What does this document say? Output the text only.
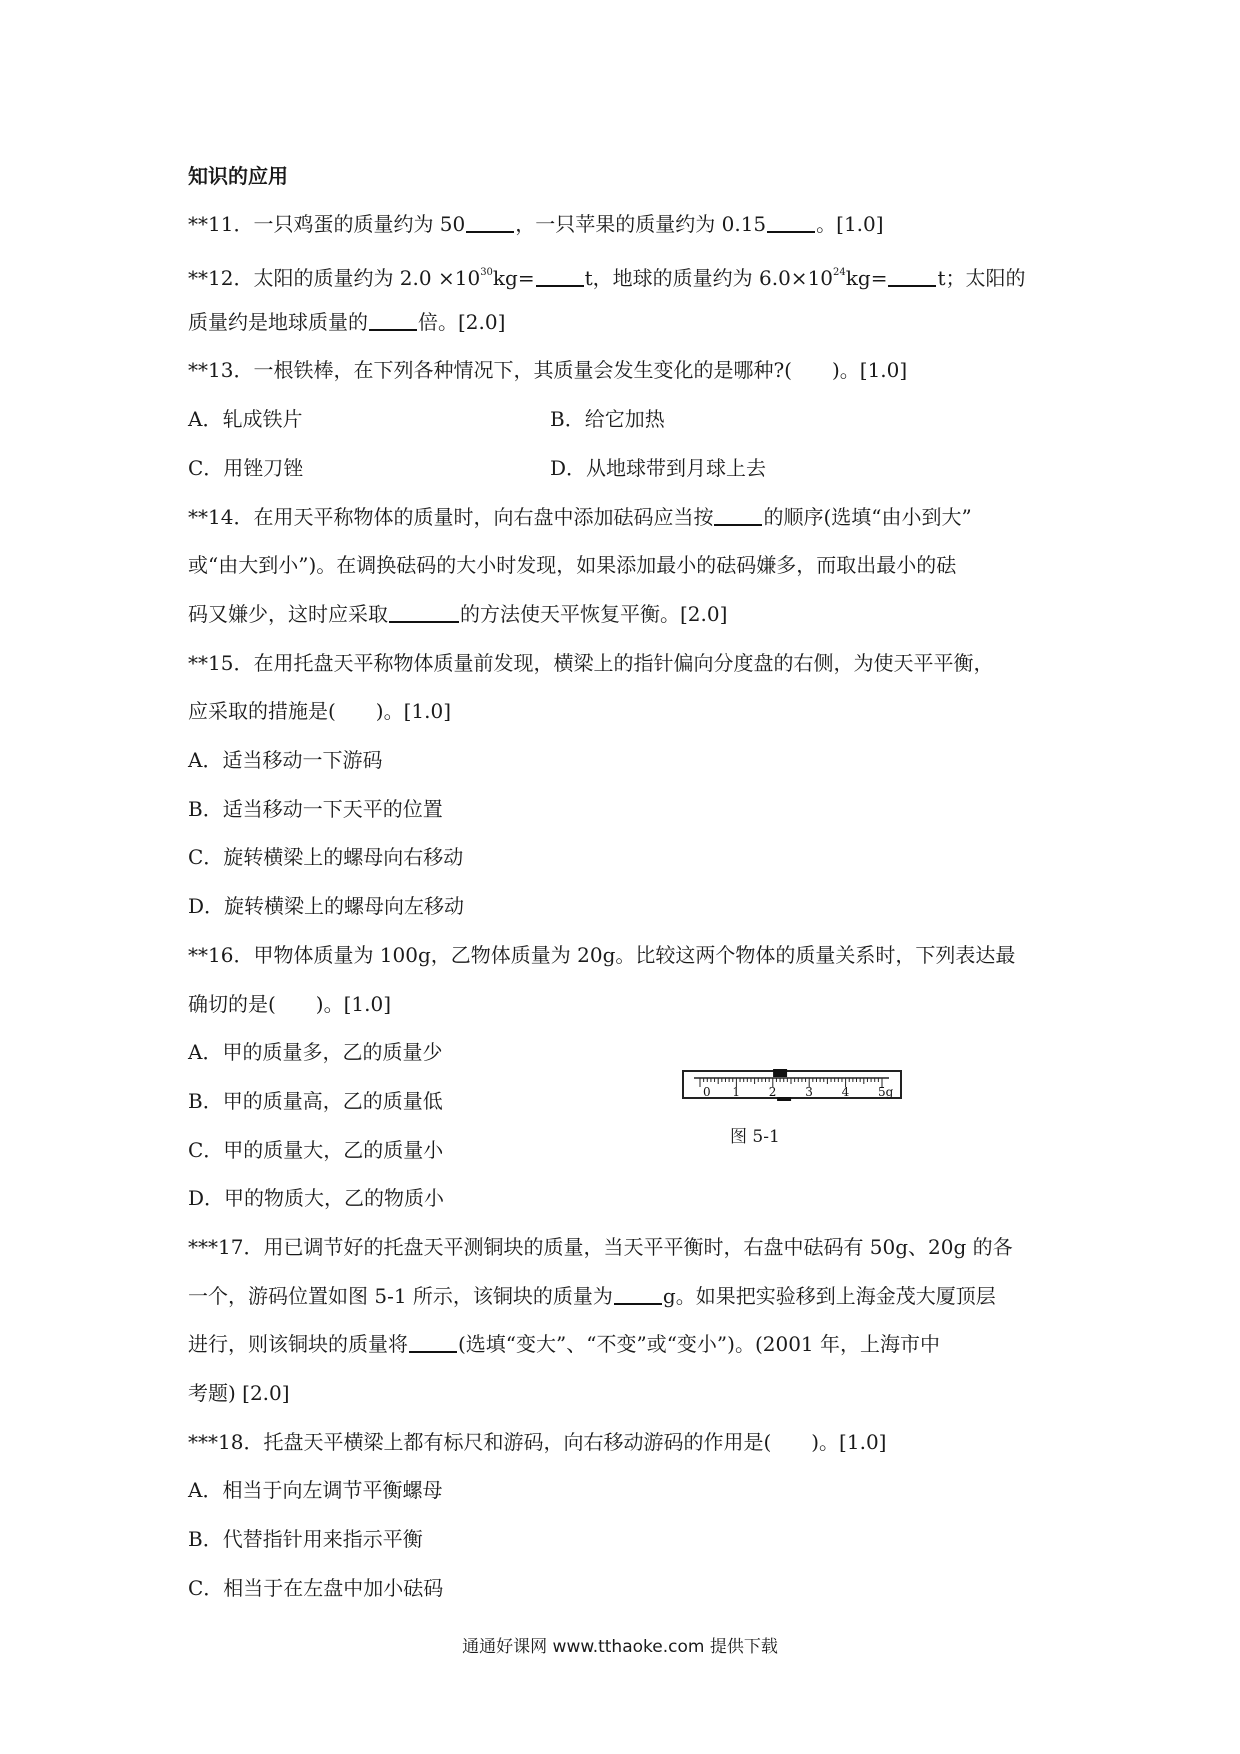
知识的应用
**11．一只鸡蛋的质量约为 50	，一只苹果的质量约为 0.15	。[1.0]
**12．太阳的质量约为 $2.0 \times 10^{30}kg=$	t，地球的质量约为 $6.0\times 10^{24}kg=$	t；太阳的
质量约是地球质量的	倍。[2.0]
**13．一根铁棒，在下列各种情况下，其质量会发生变化的是哪种?(　　)。[1.0]
A．轧成铁片	B．给它加热
C．用锉刀锉	D．从地球带到月球上去
**14．在用天平称物体的质量时，向右盘中添加砝码应当按	的顺序(选填“由小到大”
或“由大到小”)。在调换砝码的大小时发现，如果添加最小的砝码嫌多，而取出最小的砝
码又嫌少，这时应采取	的方法使天平恢复平衡。[2.0]
**15．在用托盘天平称物体质量前发现，横梁上的指针偏向分度盘的右侧，为使天平平衡，
应采取的措施是(　　)。[1.0]
A．适当移动一下游码
B．适当移动一下天平的位置
C．旋转横梁上的螺母向右移动
D．旋转横梁上的螺母向左移动
**16．甲物体质量为 100g，乙物体质量为 20g。比较这两个物体的质量关系时，下列表达最
确切的是(　　)。[1.0]
A．甲的质量多，乙的质量少
B．甲的质量高，乙的质量低
C．甲的质量大，乙的质量小
D．甲的物质大，乙的物质小
0 1 2 3 4 5g
图 5-1
***17．用已调节好的托盘天平测铜块的质量，当天平平衡时，右盘中砝码有 50g、20g 的各
一个，游码位置如图 5-1 所示，该铜块的质量为	g。如果把实验移到上海金茂大厦顶层
进行，则该铜块的质量将	(选填“变大”、“不变”或“变小”)。(2001 年，上海市中
考题) [2.0]
***18．托盘天平横梁上都有标尺和游码，向右移动游码的作用是(　　)。[1.0]
A．相当于向左调节平衡螺母
B．代替指针用来指示平衡
C．相当于在左盘中加小砝码
通通好课网 www.tthaoke.com 提供下载
